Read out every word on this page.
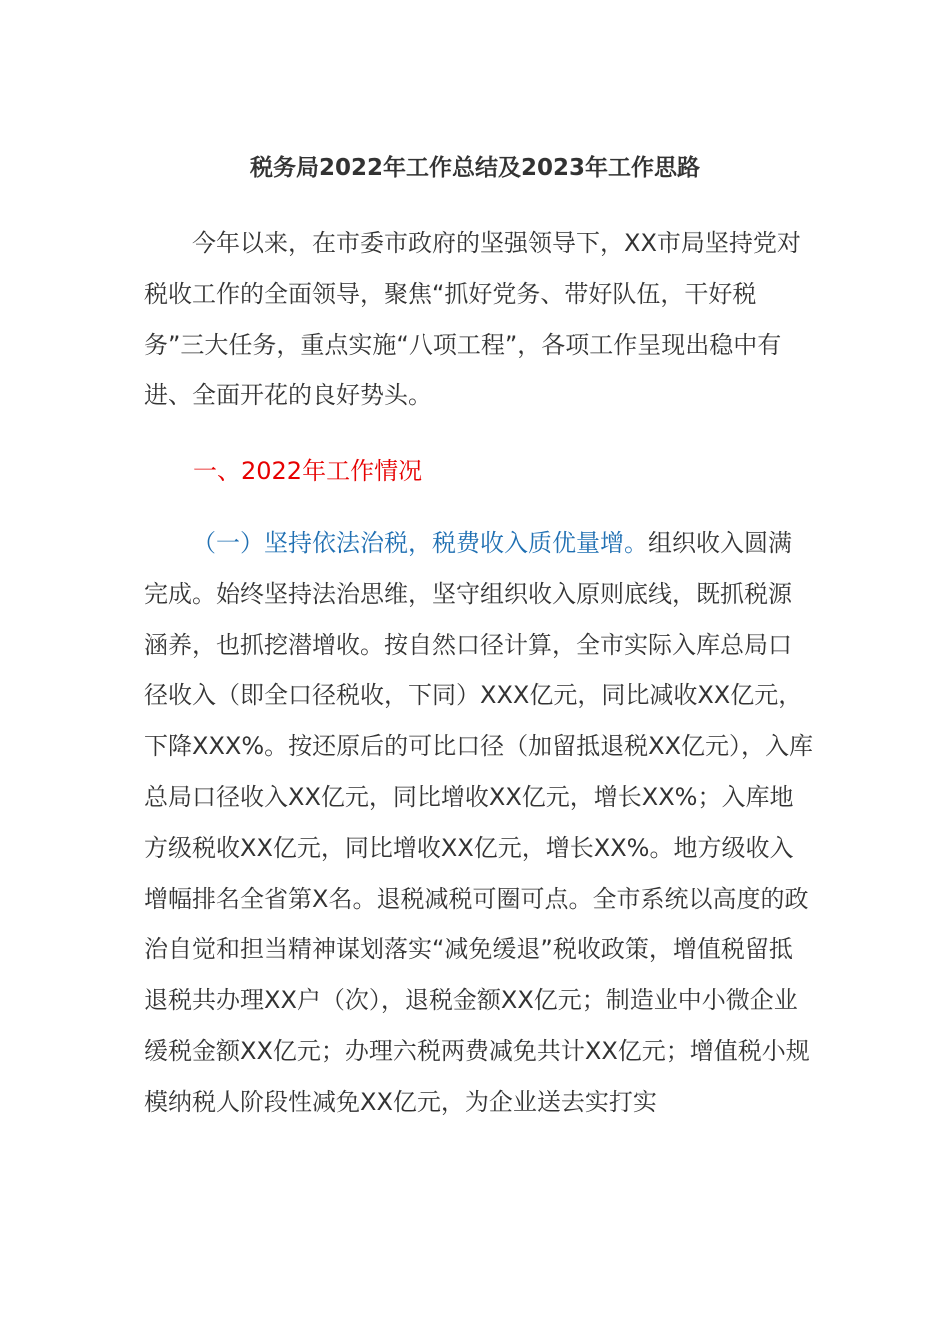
税务局2022年工作总结及2023年工作思路

今年以来，在市委市政府的坚强领导下，XX市局坚持党对税收工作的全面领导，聚焦“抓好党务、带好队伍，干好税务”三大任务，重点实施“八项工程”，各项工作呈现出稳中有进、全面开花的良好势头。

一、2022年工作情况

（一）坚持依法治税，税费收入质优量增。组织收入圆满完成。始终坚持法治思维，坚守组织收入原则底线，既抓税源涵养，也抓挖潜增收。按自然口径计算，全市实际入库总局口径收入（即全口径税收，下同）XXX亿元，同比减收XX亿元，下降XXX%。按还原后的可比口径（加留抵退税XX亿元），入库总局口径收入XX亿元，同比增收XX亿元，增长XX%；入库地方级税收XX亿元，同比增收XX亿元，增长XX%。地方级收入增幅排名全省第X名。退税减税可圈可点。全市系统以高度的政治自觉和担当精神谋划落实“减免缓退”税收政策，增值税留抵退税共办理XX户（次），退税金额XX亿元；制造业中小微企业缓税金额XX亿元；办理六税两费减免共计XX亿元；增值税小规模纳税人阶段性减免XX亿元，为企业送去实打实
